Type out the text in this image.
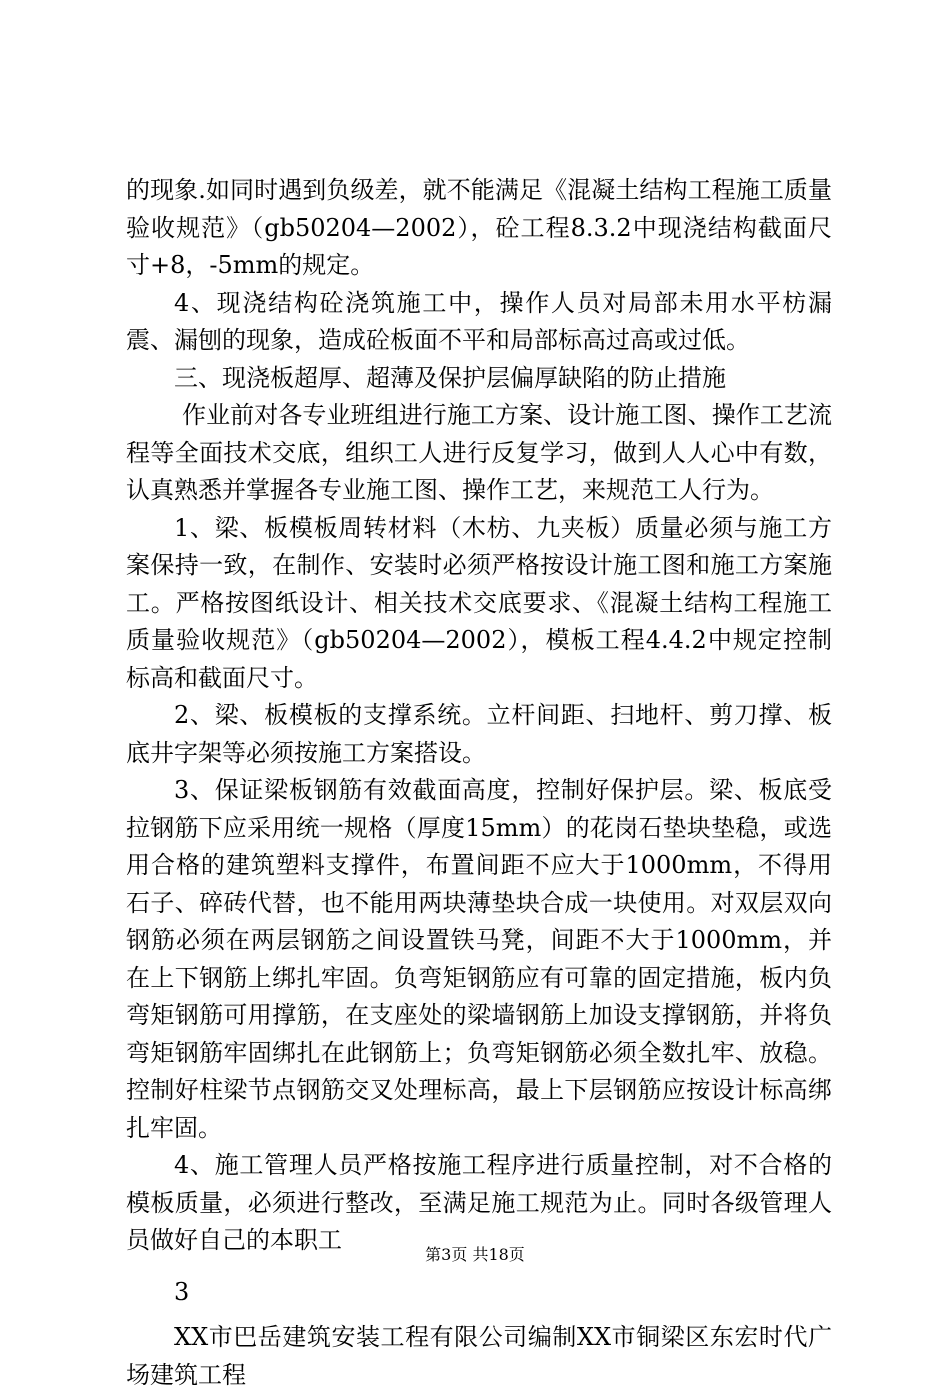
的现象.如同时遇到负级差，就不能满足《混凝土结构工程施工质量验收规范》（gb50204—2002），砼工程8.3.2中现浇结构截面尺寸+8，-5mm的规定。

4、现浇结构砼浇筑施工中，操作人员对局部未用水平枋漏震、漏刨的现象，造成砼板面不平和局部标高过高或过低。

三、现浇板超厚、超薄及保护层偏厚缺陷的防止措施

作业前对各专业班组进行施工方案、设计施工图、操作工艺流程等全面技术交底，组织工人进行反复学习，做到人人心中有数，认真熟悉并掌握各专业施工图、操作工艺，来规范工人行为。

1、梁、板模板周转材料（木枋、九夹板）质量必须与施工方案保持一致，在制作、安装时必须严格按设计施工图和施工方案施工。严格按图纸设计、相关技术交底要求、《混凝土结构工程施工质量验收规范》（gb50204—2002），模板工程4.4.2中规定控制标高和截面尺寸。

2、梁、板模板的支撑系统。立杆间距、扫地杆、剪刀撑、板底井字架等必须按施工方案搭设。

3、保证梁板钢筋有效截面高度，控制好保护层。梁、板底受拉钢筋下应采用统一规格（厚度15mm）的花岗石垫块垫稳，或选用合格的建筑塑料支撑件，布置间距不应大于1000mm，不得用石子、碎砖代替，也不能用两块薄垫块合成一块使用。对双层双向钢筋必须在两层钢筋之间设置铁马凳，间距不大于1000mm，并在上下钢筋上绑扎牢固。负弯矩钢筋应有可靠的固定措施，板内负弯矩钢筋可用撑筋，在支座处的梁墙钢筋上加设支撑钢筋，并将负弯矩钢筋牢固绑扎在此钢筋上；负弯矩钢筋必须全数扎牢、放稳。控制好柱梁节点钢筋交叉处理标高，最上下层钢筋应按设计标高绑扎牢固。

4、施工管理人员严格按施工程序进行质量控制，对不合格的模板质量，必须进行整改，至满足施工规范为止。同时各级管理人员做好自己的本职工

3

XX市巴岳建筑安装工程有限公司编制XX市铜梁区东宏时代广场建筑工程

第3页 共18页
